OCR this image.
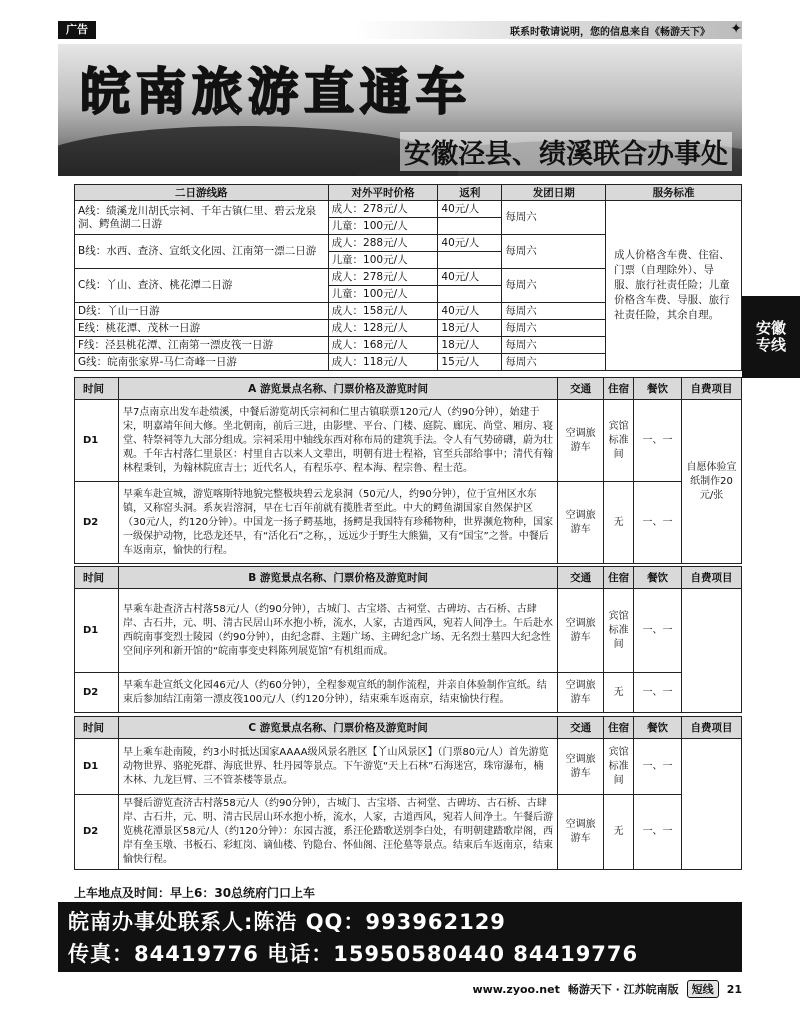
广告	联系时敬请说明，您的信息来自《畅游天下》 ✦
皖南旅游直通车
安徽泾县、绩溪联合办事处
安徽
专线
二日游线路	对外平时价格	返利	发团日期	服务标准
A线：绩溪龙川胡氏宗祠、千年古镇仁里、碧云龙泉洞、鳄鱼湖二日游	成人：278元/人	40元/人	每周六	成人价格含车费、住宿、门票（自理除外）、导服、旅行社责任险；儿童价格含车费、导服、旅行社责任险，其余自理。
	儿童：100元/人			
B线：水西、查济、宣纸文化园、江南第一漂二日游	成人：288元/人	40元/人	每周六	
	儿童：100元/人			
C线：丫山、查济、桃花潭二日游	成人：278元/人	40元/人	每周六	
	儿童：100元/人			
D线：丫山一日游	成人：158元/人	40元/人	每周六	
E线：桃花潭、茂林一日游	成人：128元/人	18元/人	每周六	
F线：泾县桃花潭、江南第一漂皮筏一日游	成人：168元/人	18元/人	每周六	
G线：皖南张家界-马仁奇峰一日游	成人：118元/人	15元/人	每周六	
时间	A 游览景点名称、门票价格及游览时间	交通	住宿	餐饮	自费项目
D1	早7点南京出发车赴绩溪，中餐后游览胡氏宗祠和仁里古镇联票120元/人（约90分钟），始建于宋，明嘉靖年间大修。坐北朝南，前后三进，由影壁、平台、门楼、庭院、廊庑、尚堂、厢房、寝堂、特祭祠等九大部分组成。宗祠采用中轴线东西对称布局的建筑手法。令人有气势磅礴，蔚为壮观。千年古村落仁里景区：村里自古以来人文辈出，明朝有进士程裕，官至兵部给事中；清代有翰林程秉钊，为翰林院庶吉士；近代名人，有程乐亭、程本海、程宗鲁、程士范。	空调旅游车	宾馆标准间	一、一	自愿体验宣纸制作20元/张
D2	早乘车赴宣城，游览喀斯特地貌完整极块碧云龙泉洞（50元/人，约90分钟），位于宣州区水东镇，又称窑头洞。系灰岩溶洞，早在七百年前就有揽胜者至此。中大的鳄鱼湖国家自然保护区（30元/人，约120分钟）。中国龙一扬子鳄基地，扬鳄是我国特有珍稀物种，世界濒危物种，国家一级保护动物，比恐龙还早，有“活化石”之称，，远远少于野生大熊猫，又有“国宝”之誉。中餐后车返南京，愉快的行程。	空调旅游车	无	一、一	
时间	B 游览景点名称、门票价格及游览时间	交通	住宿	餐饮	自费项目
D1	早乘车赴查济古村落58元/人（约90分钟），古城门、古宝塔、古祠堂、古碑坊、古石桥、古肆岸、古石井，元、明、清古民居山环水抱小桥，流水，人家，古道西风，宛若人间净土。午后赴水西皖南事变烈士陵园（约90分钟），由纪念群、主题广场、主碑纪念广场、无名烈士墓四大纪念性空间序列和新开馆的“皖南事变史料陈列展览馆”有机组而成。	空调旅游车	宾馆标准间	一、一	
D2	早乘车赴宣纸文化园46元/人（约60分钟），全程参观宣纸的制作流程，并亲自体验制作宣纸。结束后参加结江南第一漂皮筏100元/人（约120分钟），结束乘车返南京，结束愉快行程。	空调旅游车	无	一、一	
时间	C 游览景点名称、门票价格及游览时间	交通	住宿	餐饮	自费项目
D1	早上乘车赴南陵，约3小时抵达国家AAAA级风景名胜区【丫山风景区】（门票80元/人）首先游览动物世界、骆驼死群、海底世界、牡丹园等景点。下午游览“天上石林”石海迷宫，珠帘瀑布，楠木林、九龙巨臂、三不管茶楼等景点。	空调旅游车	宾馆标准间	一、一	
D2	早餐后游览查济古村落58元/人（约90分钟），古城门、古宝塔、古祠堂、古碑坊、古石桥、古肆岸、古石井，元、明、清古民居山环水抱小桥，流水，人家，古道西风，宛若人间净土。午餐后游览桃花潭景区58元/人（约120分钟）：东园古渡，系汪伦踏歌送别李白处，有明朝建踏歌岸阁，西岸有垒玉墩、书板石、彩虹岗、谪仙楼、钓隐台、怀仙阁、汪伦墓等景点。结束后车返南京，结束愉快行程。	空调旅游车	无	一、一	
上车地点及时间：早上6：30总统府门口上车
皖南办事处联系人:陈浩 QQ：993962129
传真：84419776 电话：15950580440 84419776
www.zyoo.net 畅游天下 · 江苏皖南版	短线	21
